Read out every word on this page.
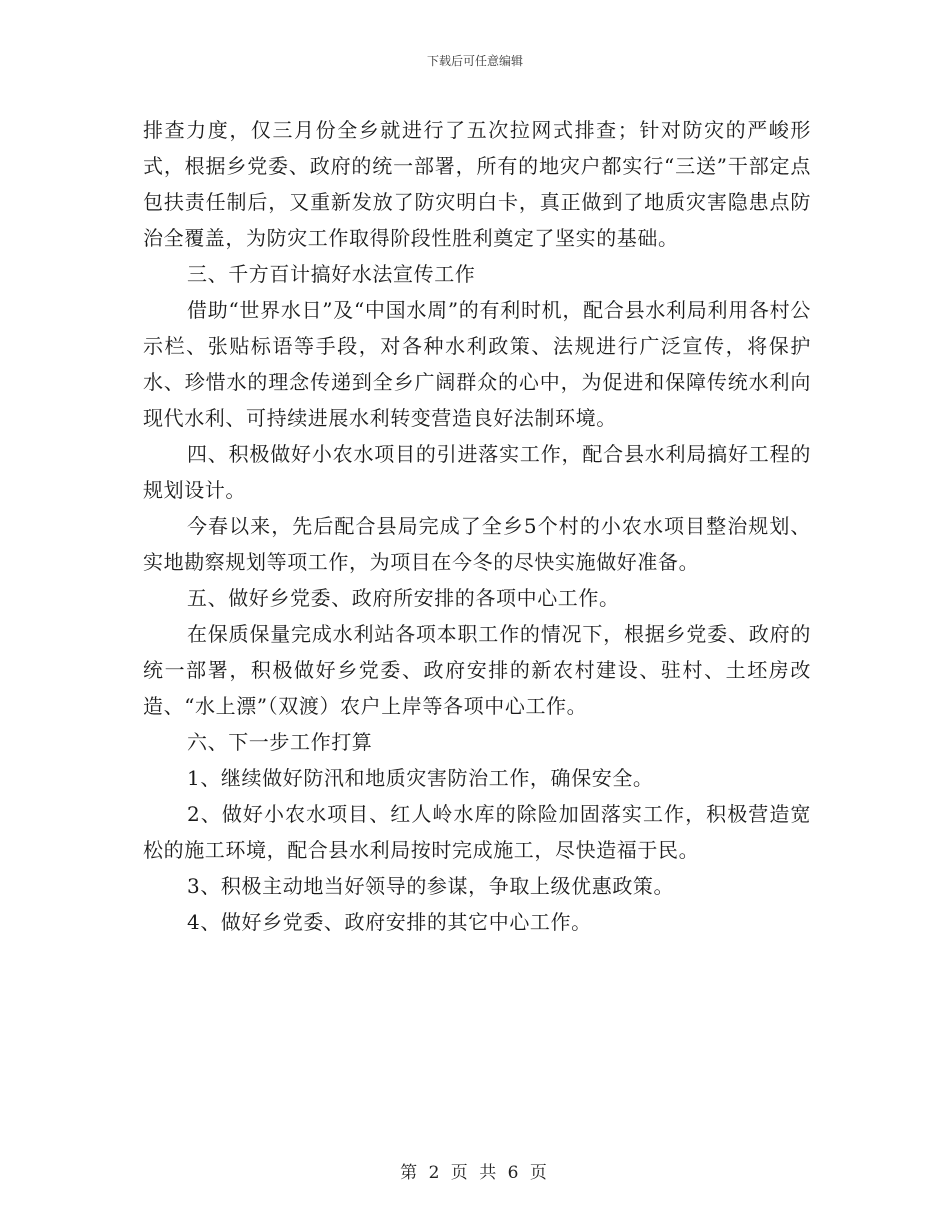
下载后可任意编辑

排查力度，仅三月份全乡就进行了五次拉网式排查；针对防灾的严峻形式，根据乡党委、政府的统一部署，所有的地灾户都实行“三送”干部定点包扶责任制后，又重新发放了防灾明白卡，真正做到了地质灾害隐患点防治全覆盖，为防灾工作取得阶段性胜利奠定了坚实的基础。

三、千方百计搞好水法宣传工作

借助“世界水日”及“中国水周”的有利时机，配合县水利局利用各村公示栏、张贴标语等手段，对各种水利政策、法规进行广泛宣传，将保护水、珍惜水的理念传递到全乡广阔群众的心中，为促进和保障传统水利向现代水利、可持续进展水利转变营造良好法制环境。

四、积极做好小农水项目的引进落实工作，配合县水利局搞好工程的规划设计。

今春以来，先后配合县局完成了全乡5个村的小农水项目整治规划、实地勘察规划等项工作，为项目在今冬的尽快实施做好准备。

五、做好乡党委、政府所安排的各项中心工作。

在保质保量完成水利站各项本职工作的情况下，根据乡党委、政府的统一部署，积极做好乡党委、政府安排的新农村建设、驻村、土坯房改造、“水上漂”（双渡）农户上岸等各项中心工作。

六、下一步工作打算

1、继续做好防汛和地质灾害防治工作，确保安全。

2、做好小农水项目、红人岭水库的除险加固落实工作，积极营造宽松的施工环境，配合县水利局按时完成施工，尽快造福于民。

3、积极主动地当好领导的参谋，争取上级优惠政策。

4、做好乡党委、政府安排的其它中心工作。

第 2 页 共 6 页
